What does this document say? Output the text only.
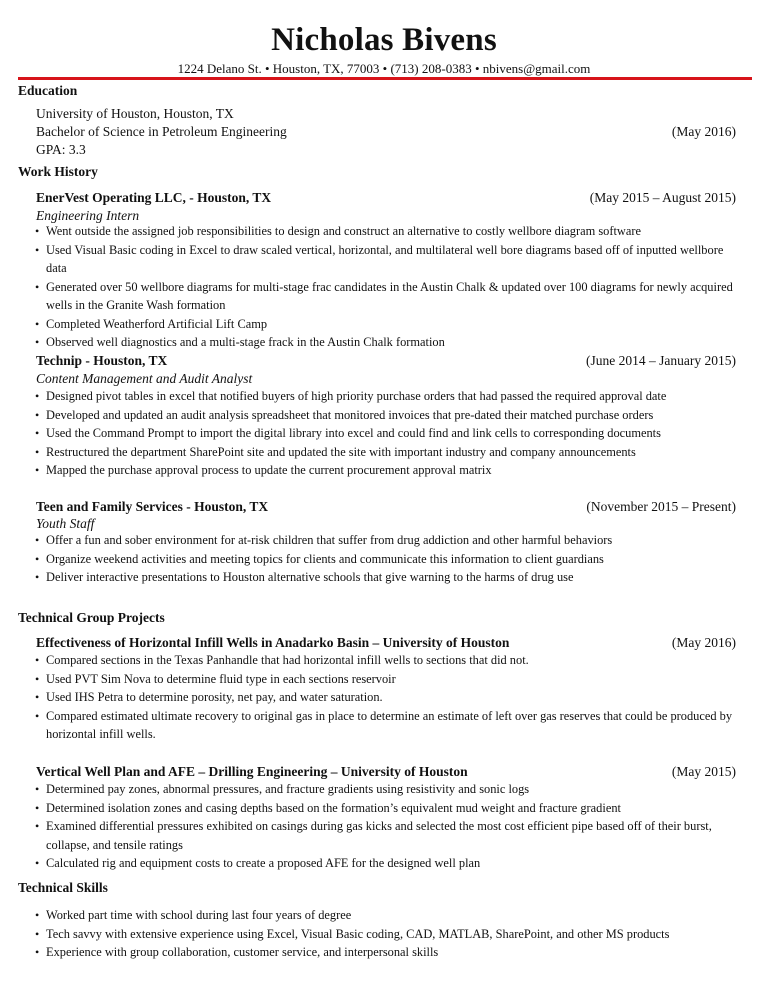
Nicholas Bivens
1224 Delano St. • Houston, TX, 77003 • (713) 208-0383 • nbivens@gmail.com
Education
University of Houston, Houston, TX
Bachelor of Science in Petroleum Engineering	(May 2016)
GPA: 3.3
Work History
EnerVest Operating LLC, - Houston, TX	(May 2015 – August 2015)
Engineering Intern
• Went outside the assigned job responsibilities to design and construct an alternative to costly wellbore diagram software
• Used Visual Basic coding in Excel to draw scaled vertical, horizontal, and multilateral well bore diagrams based off of inputted wellbore data
• Generated over 50 wellbore diagrams for multi-stage frac candidates in the Austin Chalk & updated over 100 diagrams for newly acquired wells in the Granite Wash formation
• Completed Weatherford Artificial Lift Camp
• Observed well diagnostics and a multi-stage frack in the Austin Chalk formation
Technip - Houston, TX	(June 2014 – January 2015)
Content Management and Audit Analyst
• Designed pivot tables in excel that notified buyers of high priority purchase orders that had passed the required approval date
• Developed and updated an audit analysis spreadsheet that monitored invoices that pre-dated their matched purchase orders
• Used the Command Prompt to import the digital library into excel and could find and link cells to corresponding documents
• Restructured the department SharePoint site and updated the site with important industry and company announcements
• Mapped the purchase approval process to update the current procurement approval matrix
Teen and Family Services - Houston, TX	(November 2015 – Present)
Youth Staff
• Offer a fun and sober environment for at-risk children that suffer from drug addiction and other harmful behaviors
• Organize weekend activities and meeting topics for clients and communicate this information to client guardians
• Deliver interactive presentations to Houston alternative schools that give warning to the harms of drug use
Technical Group Projects
Effectiveness of Horizontal Infill Wells in Anadarko Basin – University of Houston	(May 2016)
• Compared sections in the Texas Panhandle that had horizontal infill wells to sections that did not.
• Used PVT Sim Nova to determine fluid type in each sections reservoir
• Used IHS Petra to determine porosity, net pay, and water saturation.
• Compared estimated ultimate recovery to original gas in place to determine an estimate of left over gas reserves that could be produced by horizontal infill wells.
Vertical Well Plan and AFE – Drilling Engineering – University of Houston	(May 2015)
• Determined pay zones, abnormal pressures, and fracture gradients using resistivity and sonic logs
• Determined isolation zones and casing depths based on the formation’s equivalent mud weight and fracture gradient
• Examined differential pressures exhibited on casings during gas kicks and selected the most cost efficient pipe based off of their burst, collapse, and tensile ratings
• Calculated rig and equipment costs to create a proposed AFE for the designed well plan
Technical Skills
• Worked part time with school during last four years of degree
• Tech savvy with extensive experience using Excel, Visual Basic coding, CAD, MATLAB, SharePoint, and other MS products
• Experience with group collaboration, customer service, and interpersonal skills
